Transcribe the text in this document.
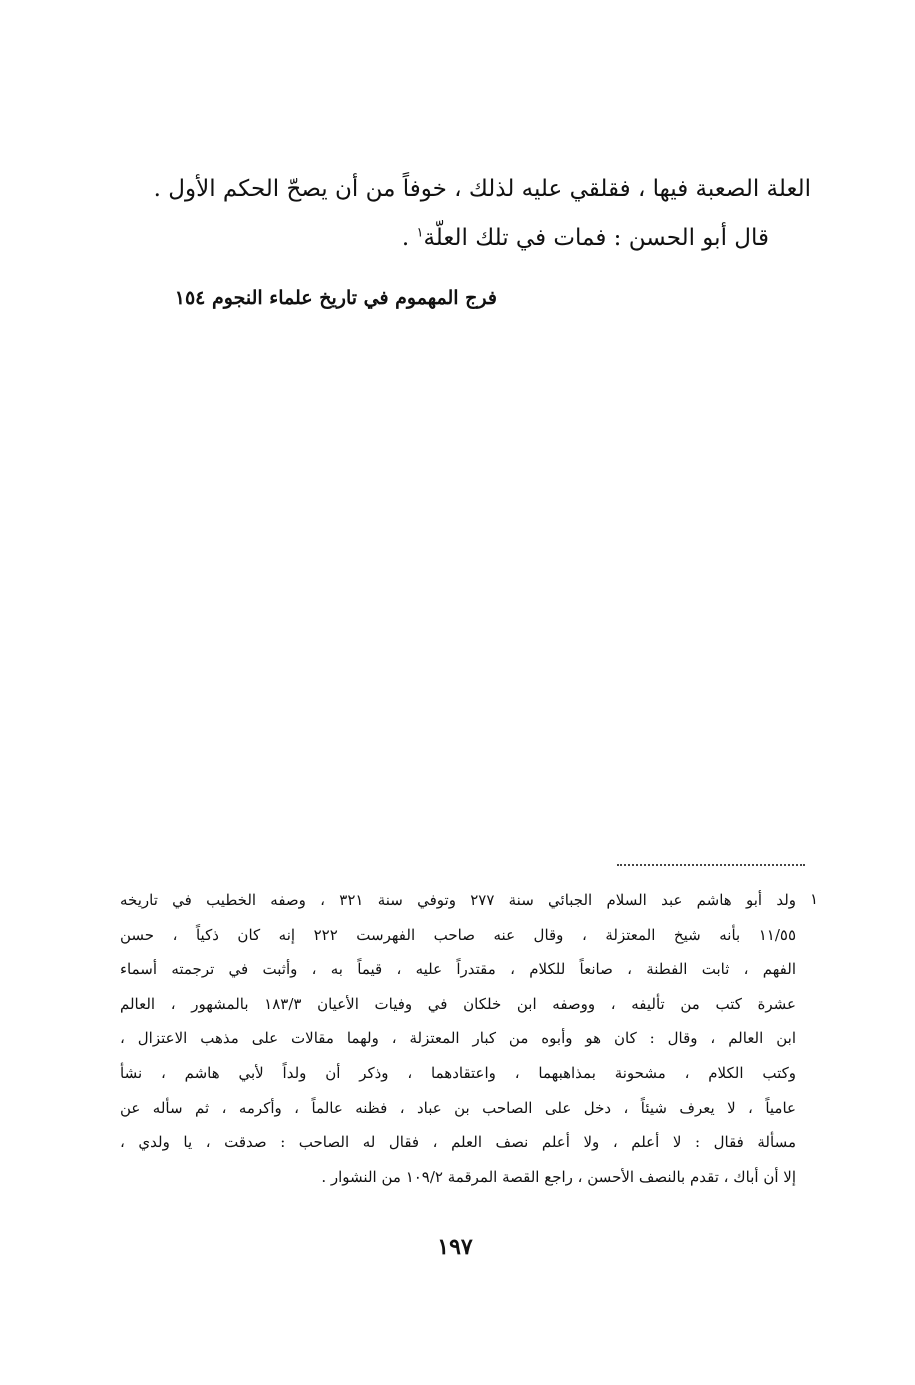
العلة الصعبة فيها ، فقلقي عليه لذلك ، خوفاً من أن يصحّ الحكم الأول .
قال أبو الحسن : فمات في تلك العلّة$^١$ .
فرج المهموم في تاريخ علماء النجوم ١٥٤
١
ولد أبو هاشم عبد السلام الجبائي سنة ٢٧٧ وتوفي سنة ٣٢١ ، وصفه الخطيب في تاريخه
١١/٥٥ بأنه شيخ المعتزلة ، وقال عنه صاحب الفهرست ٢٢٢ إنه كان ذكياً ، حسن
الفهم ، ثابت الفطنة ، صانعاً للكلام ، مقتدراً عليه ، قيماً به ، وأثبت في ترجمته أسماء
عشرة كتب من تأليفه ، ووصفه ابن خلكان في وفيات الأعيان ١٨٣/٣ بالمشهور ، العالم
ابن العالم ، وقال : كان هو وأبوه من كبار المعتزلة ، ولهما مقالات على مذهب الاعتزال ،
وكتب الكلام ، مشحونة بمذاهبهما ، واعتقادهما ، وذكر أن ولداً لأبي هاشم ، نشأ
عامياً ، لا يعرف شيئاً ، دخل على الصاحب بن عباد ، فظنه عالماً ، وأكرمه ، ثم سأله عن
مسألة فقال : لا أعلم ، ولا أعلم نصف العلم ، فقال له الصاحب : صدقت ، يا ولدي ،
إلا أن أباك ، تقدم بالنصف الأحسن ، راجع القصة المرقمة ١٠٩/٢ من النشوار .
١٩٧
